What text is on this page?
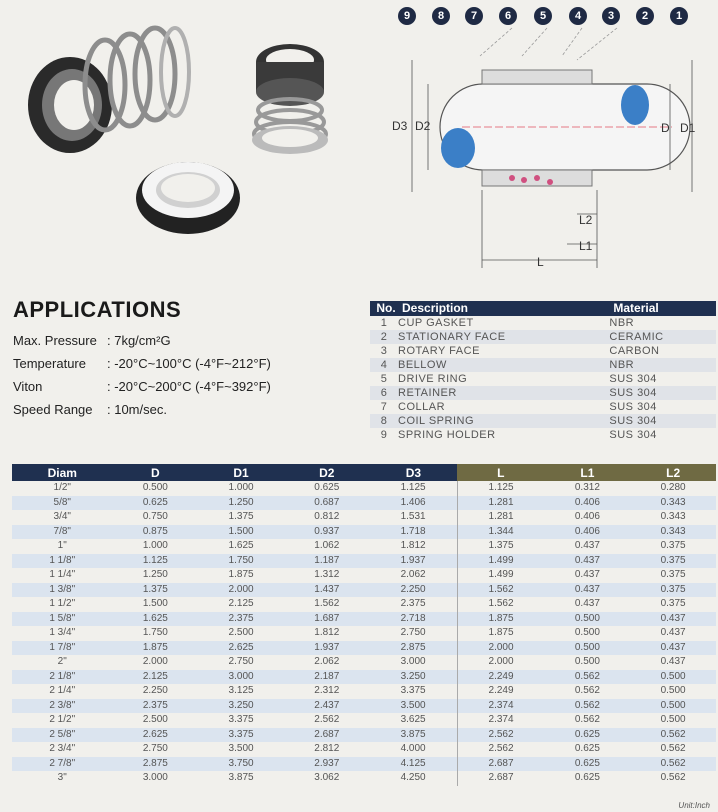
9	8	7	6	5	4	3	2	1
D3 D2	D D1
L2
L1
L
APPLICATIONS
Max. Pressure : 7kg/cm²G
Temperature	: -20°C~100°C (-4°F~212°F)
Viton	: -20°C~200°C (-4°F~392°F)
Speed Range	: 10m/sec.
No.	Description	Material
1	CUP GASKET	NBR
2	STATIONARY FACE	CERAMIC
3	ROTARY FACE	CARBON
4	BELLOW	NBR
5	DRIVE RING	SUS 304
6	RETAINER	SUS 304
7	COLLAR	SUS 304
8	COIL SPRING	SUS 304
9	SPRING HOLDER	SUS 304
Diam	D	D1	D2	D3	L	L1	L2
1/2"	0.500	1.000	0.625	1.125	1.125	0.312	0.280
5/8"	0.625	1.250	0.687	1.406	1.281	0.406	0.343
3/4"	0.750	1.375	0.812	1.531	1.281	0.406	0.343
7/8"	0.875	1.500	0.937	1.718	1.344	0.406	0.343
1"	1.000	1.625	1.062	1.812	1.375	0.437	0.375
1 1/8"	1.125	1.750	1.187	1.937	1.499	0.437	0.375
1 1/4"	1.250	1.875	1.312	2.062	1.499	0.437	0.375
1 3/8"	1.375	2.000	1.437	2.250	1.562	0.437	0.375
1 1/2"	1.500	2.125	1.562	2.375	1.562	0.437	0.375
1 5/8"	1.625	2.375	1.687	2.718	1.875	0.500	0.437
1 3/4"	1.750	2.500	1.812	2.750	1.875	0.500	0.437
1 7/8"	1.875	2.625	1.937	2.875	2.000	0.500	0.437
2"	2.000	2.750	2.062	3.000	2.000	0.500	0.437
2 1/8"	2.125	3.000	2.187	3.250	2.249	0.562	0.500
2 1/4"	2.250	3.125	2.312	3.375	2.249	0.562	0.500
2 3/8"	2.375	3.250	2.437	3.500	2.374	0.562	0.500
2 1/2"	2.500	3.375	2.562	3.625	2.374	0.562	0.500
2 5/8"	2.625	3.375	2.687	3.875	2.562	0.625	0.562
2 3/4"	2.750	3.500	2.812	4.000	2.562	0.625	0.562
2 7/8"	2.875	3.750	2.937	4.125	2.687	0.625	0.562
3"	3.000	3.875	3.062	4.250	2.687	0.625	0.562
Unit:Inch
